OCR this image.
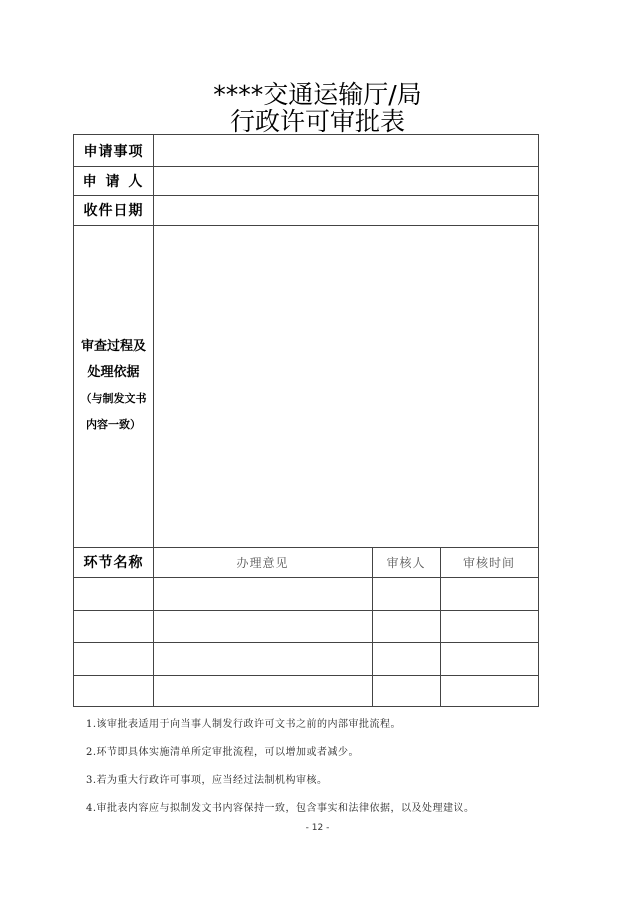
****交通运输厅/局
行政许可审批表
申请事项
申 请 人
收件日期
审查过程及
处理依据
（与制发文书
内容一致）
环节名称	办理意见	审核人	审核时间
1.该审批表适用于向当事人制发行政许可文书之前的内部审批流程。
2.环节即具体实施清单所定审批流程，可以增加或者减少。
3.若为重大行政许可事项，应当经过法制机构审核。
4.审批表内容应与拟制发文书内容保持一致，包含事实和法律依据，以及处理建议。
- 12 -
